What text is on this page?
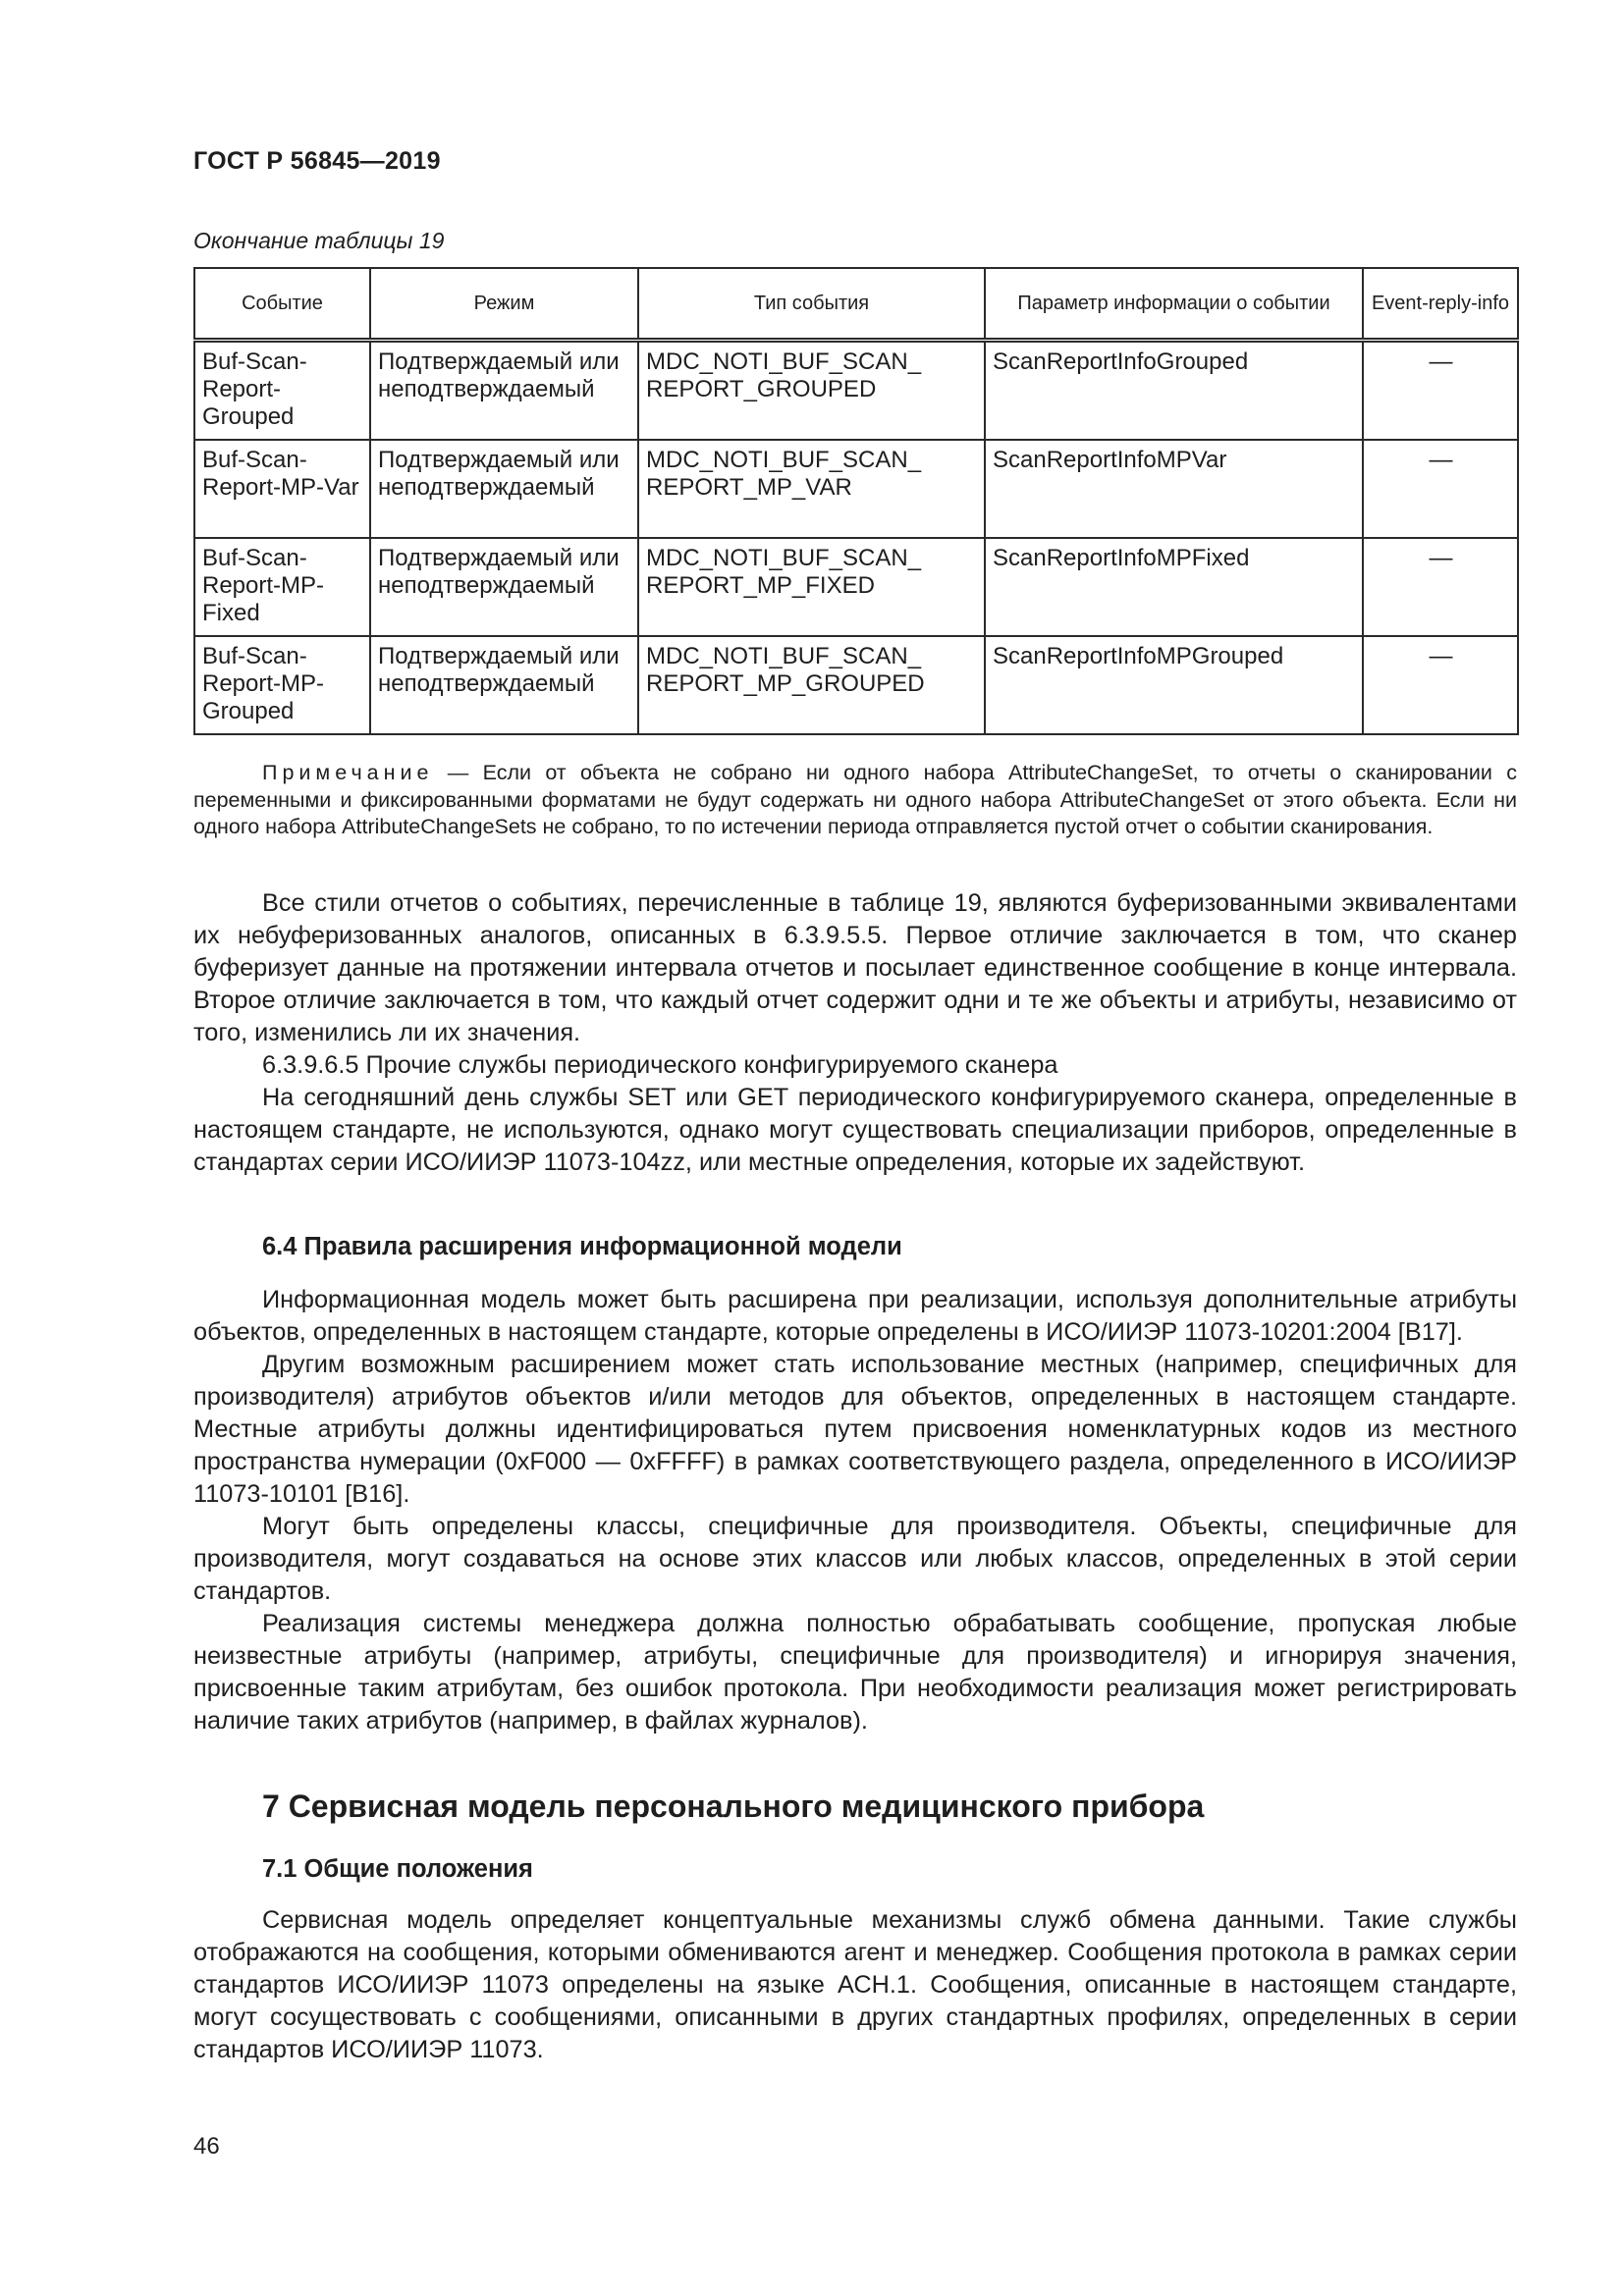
ГОСТ Р 56845—2019
Окончание таблицы 19
Событие	Режим	Тип события	Параметр информации о событии	Event-reply-info
Buf-Scan-Report-Grouped	Подтверждаемый или неподтверждаемый	MDC_NOTI_BUF_SCAN_ REPORT_GROUPED	ScanReportInfoGrouped	—
Buf-Scan-Report-MP-Var	Подтверждаемый или неподтверждаемый	MDC_NOTI_BUF_SCAN_ REPORT_MP_VAR	ScanReportInfoMPVar	—
Buf-Scan-Report-MP-Fixed	Подтверждаемый или неподтверждаемый	MDC_NOTI_BUF_SCAN_ REPORT_MP_FIXED	ScanReportInfoMPFixed	—
Buf-Scan-Report-MP-Grouped	Подтверждаемый или неподтверждаемый	MDC_NOTI_BUF_SCAN_ REPORT_MP_GROUPED	ScanReportInfoMPGrouped	—
Примечание — Если от объекта не собрано ни одного набора AttributeChangeSet, то отчеты о сканировании с переменными и фиксированными форматами не будут содержать ни одного набора AttributeChangeSet от этого объекта. Если ни одного набора AttributeChangeSets не собрано, то по истечении периода отправляется пустой отчет о событии сканирования.

Все стили отчетов о событиях, перечисленные в таблице 19, являются буферизованными эквивалентами их небуферизованных аналогов, описанных в 6.3.9.5.5. Первое отличие заключается в том, что сканер буферизует данные на протяжении интервала отчетов и посылает единственное сообщение в конце интервала. Второе отличие заключается в том, что каждый отчет содержит одни и те же объекты и атрибуты, независимо от того, изменились ли их значения.

6.3.9.6.5 Прочие службы периодического конфигурируемого сканера

На сегодняшний день службы SET или GET периодического конфигурируемого сканера, определенные в настоящем стандарте, не используются, однако могут существовать специализации приборов, определенные в стандартах серии ИСО/ИИЭР 11073-104zz, или местные определения, которые их задействуют.

6.4 Правила расширения информационной модели

Информационная модель может быть расширена при реализации, используя дополнительные атрибуты объектов, определенных в настоящем стандарте, которые определены в ИСО/ИИЭР 11073-10201:2004 [B17].

Другим возможным расширением может стать использование местных (например, специфичных для производителя) атрибутов объектов и/или методов для объектов, определенных в настоящем стандарте. Местные атрибуты должны идентифицироваться путем присвоения номенклатурных кодов из местного пространства нумерации (0xF000 — 0xFFFF) в рамках соответствующего раздела, определенного в ИСО/ИИЭР 11073-10101 [B16].

Могут быть определены классы, специфичные для производителя. Объекты, специфичные для производителя, могут создаваться на основе этих классов или любых классов, определенных в этой серии стандартов.

Реализация системы менеджера должна полностью обрабатывать сообщение, пропуская любые неизвестные атрибуты (например, атрибуты, специфичные для производителя) и игнорируя значения, присвоенные таким атрибутам, без ошибок протокола. При необходимости реализация может регистрировать наличие таких атрибутов (например, в файлах журналов).

7 Сервисная модель персонального медицинского прибора
7.1 Общие положения

Сервисная модель определяет концептуальные механизмы служб обмена данными. Такие службы отображаются на сообщения, которыми обмениваются агент и менеджер. Сообщения протокола в рамках серии стандартов ИСО/ИИЭР 11073 определены на языке АСН.1. Сообщения, описанные в настоящем стандарте, могут сосуществовать с сообщениями, описанными в других стандартных профилях, определенных в серии стандартов ИСО/ИИЭР 11073.

46
